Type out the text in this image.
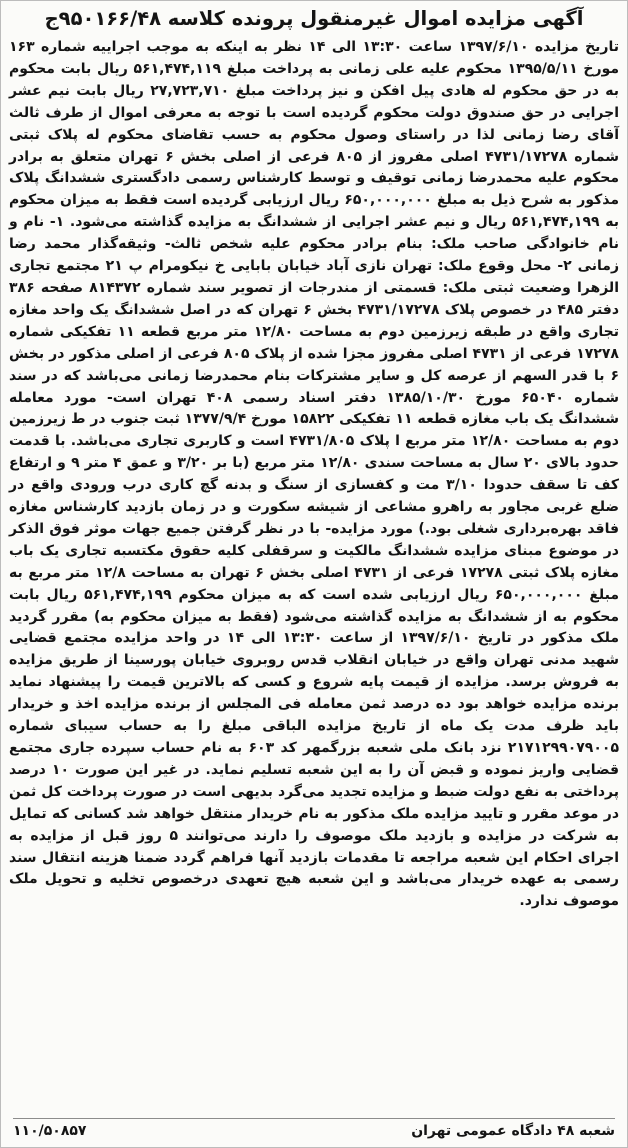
آگهی مزایده اموال غیرمنقول پرونده کلاسه ۹۵۰۱۶۶/۴۸ج

تاریخ مزایده ۱۳۹۷/۶/۱۰ ساعت ۱۳:۳۰ الی ۱۴ نظر به اینکه به موجب اجراییه شماره ۱۶۳ مورخ ۱۳۹۵/۵/۱۱ محکوم علیه علی زمانی به پرداخت مبلغ ۵۶۱,۴۷۴,۱۱۹ ریال بابت محکوم به در حق محکوم له هادی پیل افکن و نیز پرداخت مبلغ ۲۷,۷۲۳,۷۱۰ ریال بابت نیم عشر اجرایی در حق صندوق دولت محکوم گردیده است با توجه به معرفی اموال از طرف ثالث آقای رضا زمانی لذا در راستای وصول محکوم به حسب تقاضای محکوم له پلاک ثبتی شماره ۴۷۳۱/۱۷۲۷۸ اصلی مفروز از ۸۰۵ فرعی از اصلی بخش ۶ تهران متعلق به برادر محکوم علیه محمدرضا زمانی توقیف و توسط کارشناس رسمی دادگستری ششدانگ پلاک مذکور به شرح ذیل به مبلغ ۶۵۰,۰۰۰,۰۰۰ ریال ارزیابی گردیده است فقط به میزان محکوم به ۵۶۱,۴۷۴,۱۹۹ ریال و نیم عشر اجرایی از ششدانگ به مزایده گذاشته می‌شود. ۱- نام و نام خانوادگی صاحب ملک: بنام برادر محکوم علیه شخص ثالث- وثیقه‌گذار محمد رضا زمانی ۲- محل وقوع ملک: تهران نازی آباد خیابان بابایی خ نیکومرام پ ۲۱ مجتمع تجاری الزهرا وضعیت ثبتی ملک: قسمتی از مندرجات از تصویر سند شماره ۸۱۴۳۷۲ صفحه ۳۸۶ دفتر ۴۸۵ در خصوص پلاک ۴۷۳۱/۱۷۲۷۸ بخش ۶ تهران که در اصل ششدانگ یک واحد مغازه تجاری واقع در طبقه زیرزمین دوم به مساحت ۱۲/۸۰ متر مربع قطعه ۱۱ تفکیکی شماره ۱۷۲۷۸ فرعی از ۴۷۳۱ اصلی مفروز مجزا شده از پلاک ۸۰۵ فرعی از اصلی مذکور در بخش ۶ با قدر السهم از عرصه کل و سایر مشترکات بنام محمدرضا زمانی می‌باشد که در سند شماره ۶۵۰۴۰ مورخ ۱۳۸۵/۱۰/۳۰ دفتر اسناد رسمی ۴۰۸ تهران است- مورد معامله ششدانگ یک باب مغازه قطعه ۱۱ تفکیکی ۱۵۸۲۲ مورخ ۱۳۷۷/۹/۴ ثبت جنوب در ط زیرزمین دوم به مساحت ۱۲/۸۰ متر مربع ا پلاک ۴۷۳۱/۸۰۵ است و کاربری تجاری می‌باشد. با قدمت حدود بالای ۲۰ سال به مساحت سندی ۱۲/۸۰ متر مربع (با بر ۳/۲۰ و عمق ۴ متر ۹ و ارتفاع کف تا سقف حدودا ۳/۱۰ مت و کفسازی از سنگ و بدنه گچ کاری درب ورودی واقع در ضلع غربی مجاور به راهرو مشاعی از شیشه سکورت و در زمان بازدید کارشناس مغازه فاقد بهره‌برداری شغلی بود.) مورد مزایده- با در نظر گرفتن جمیع جهات موثر فوق الذکر در موضوع مبنای مزایده ششدانگ مالکیت و سرقفلی کلیه حقوق مکتسبه تجاری یک باب مغازه پلاک ثبتی ۱۷۲۷۸ فرعی از ۴۷۳۱ اصلی بخش ۶ تهران به مساحت ۱۲/۸ متر مربع به مبلغ ۶۵۰,۰۰۰,۰۰۰ ریال ارزیابی شده است که به میزان محکوم ۵۶۱,۴۷۴,۱۹۹ ریال بابت محکوم به از ششدانگ به مزایده گذاشته می‌شود (فقط به میزان محکوم به) مقرر گردید ملک مذکور در تاریخ ۱۳۹۷/۶/۱۰ از ساعت ۱۳:۳۰ الی ۱۴ در واحد مزایده مجتمع قضایی شهید مدنی تهران واقع در خیابان انقلاب قدس روبروی خیابان پورسینا از طریق مزایده به فروش برسد. مزایده از قیمت پایه شروع و کسی که بالاترین قیمت را پیشنهاد نماید برنده مزایده خواهد بود ده درصد ثمن معامله فی المجلس از برنده مزایده اخذ و خریدار باید ظرف مدت یک ماه از تاریخ مزایده الباقی مبلغ را به حساب سیبای شماره ۲۱۷۱۲۹۹۰۷۹۰۰۵ نزد بانک ملی شعبه بزرگمهر کد ۶۰۳ به نام حساب سپرده جاری مجتمع قضایی واریز نموده و قبض آن را به این شعبه تسلیم نماید. در غیر این صورت ۱۰ درصد پرداختی به نفع دولت ضبط و مزایده تجدید می‌گرد بدیهی است در صورت پرداخت کل ثمن در موعد مقرر و تایید مزایده ملک مذکور به نام خریدار منتقل خواهد شد کسانی که تمایل به شرکت در مزایده و بازدید ملک موصوف را دارند می‌توانند ۵ روز قبل از مزایده به اجرای احکام این شعبه مراجعه تا مقدمات بازدید آنها فراهم گردد ضمنا هزینه انتقال سند رسمی به عهده خریدار می‌باشد و این شعبه هیچ تعهدی درخصوص تخلیه و تحویل ملک موصوف ندارد.

شعبه ۴۸ دادگاه عمومی تهران
۱۱۰/۵۰۸۵۷
